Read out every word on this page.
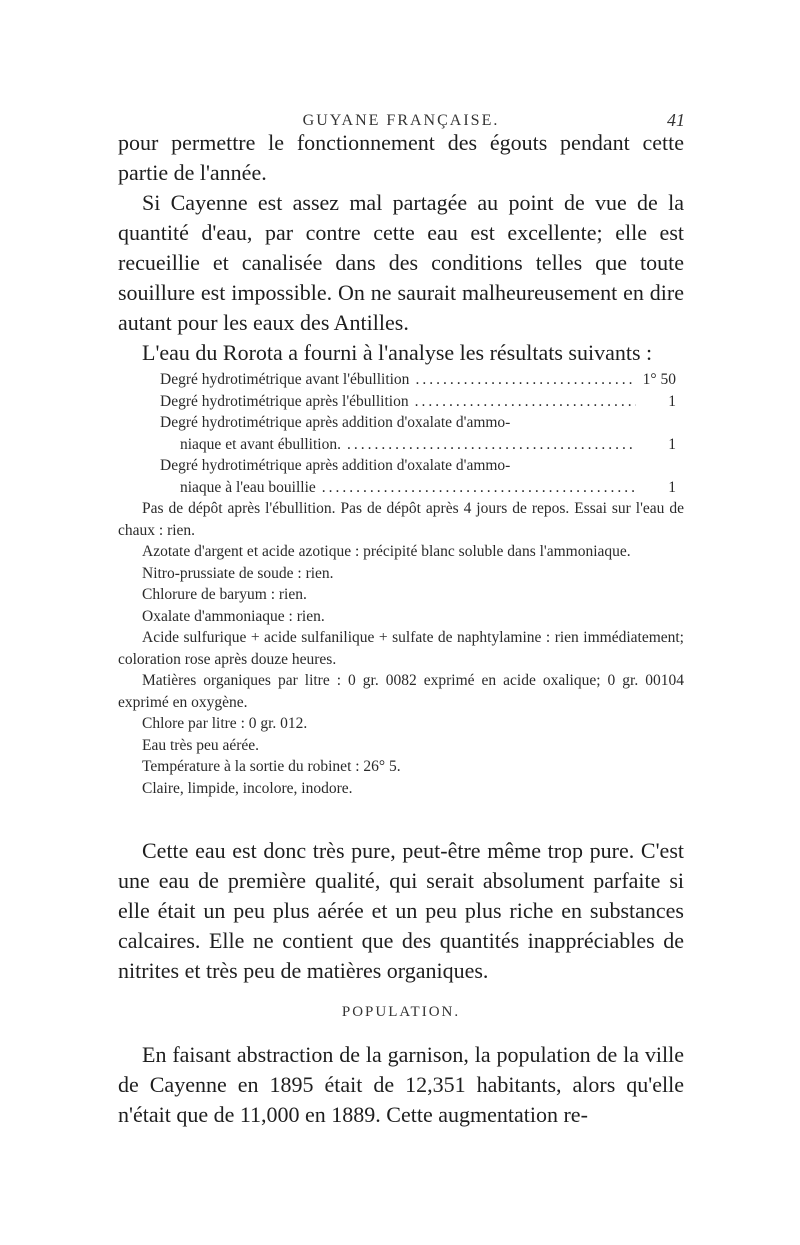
GUYANE FRANÇAISE.	41

pour permettre le fonctionnement des égouts pendant cette partie de l'année.

Si Cayenne est assez mal partagée au point de vue de la quantité d'eau, par contre cette eau est excellente; elle est recueillie et canalisée dans des conditions telles que toute souillure est impossible. On ne saurait malheureusement en dire autant pour les eaux des Antilles.

L'eau du Rorota a fourni à l'analyse les résultats suivants :

Degré hydrotimétrique avant l'ébullition .....	1° 50
Degré hydrotimétrique après l'ébullition .....	1
Degré hydrotimétrique après addition d'oxalate d'ammo-
niaque et avant ébullition. .....	1
Degré hydrotimétrique après addition d'oxalate d'ammo-
niaque à l'eau bouillie .....	1

Pas de dépôt après l'ébullition. Pas de dépôt après 4 jours de repos. Essai sur l'eau de chaux : rien.

Azotate d'argent et acide azotique : précipité blanc soluble dans l'ammoniaque.

Nitro-prussiate de soude : rien.

Chlorure de baryum : rien.

Oxalate d'ammoniaque : rien.

Acide sulfurique + acide sulfanilique + sulfate de naphtylamine : rien immédiatement; coloration rose après douze heures.

Matières organiques par litre : 0 gr. 0082 exprimé en acide oxalique; 0 gr. 00104 exprimé en oxygène.

Chlore par litre : 0 gr. 012.

Eau très peu aérée.

Température à la sortie du robinet : 26° 5.

Claire, limpide, incolore, inodore.

Cette eau est donc très pure, peut-être même trop pure. C'est une eau de première qualité, qui serait absolument parfaite si elle était un peu plus aérée et un peu plus riche en substances calcaires. Elle ne contient que des quantités inappréciables de nitrites et très peu de matières organiques.

POPULATION.

En faisant abstraction de la garnison, la population de la ville de Cayenne en 1895 était de 12,351 habitants, alors qu'elle n'était que de 11,000 en 1889. Cette augmentation re-
